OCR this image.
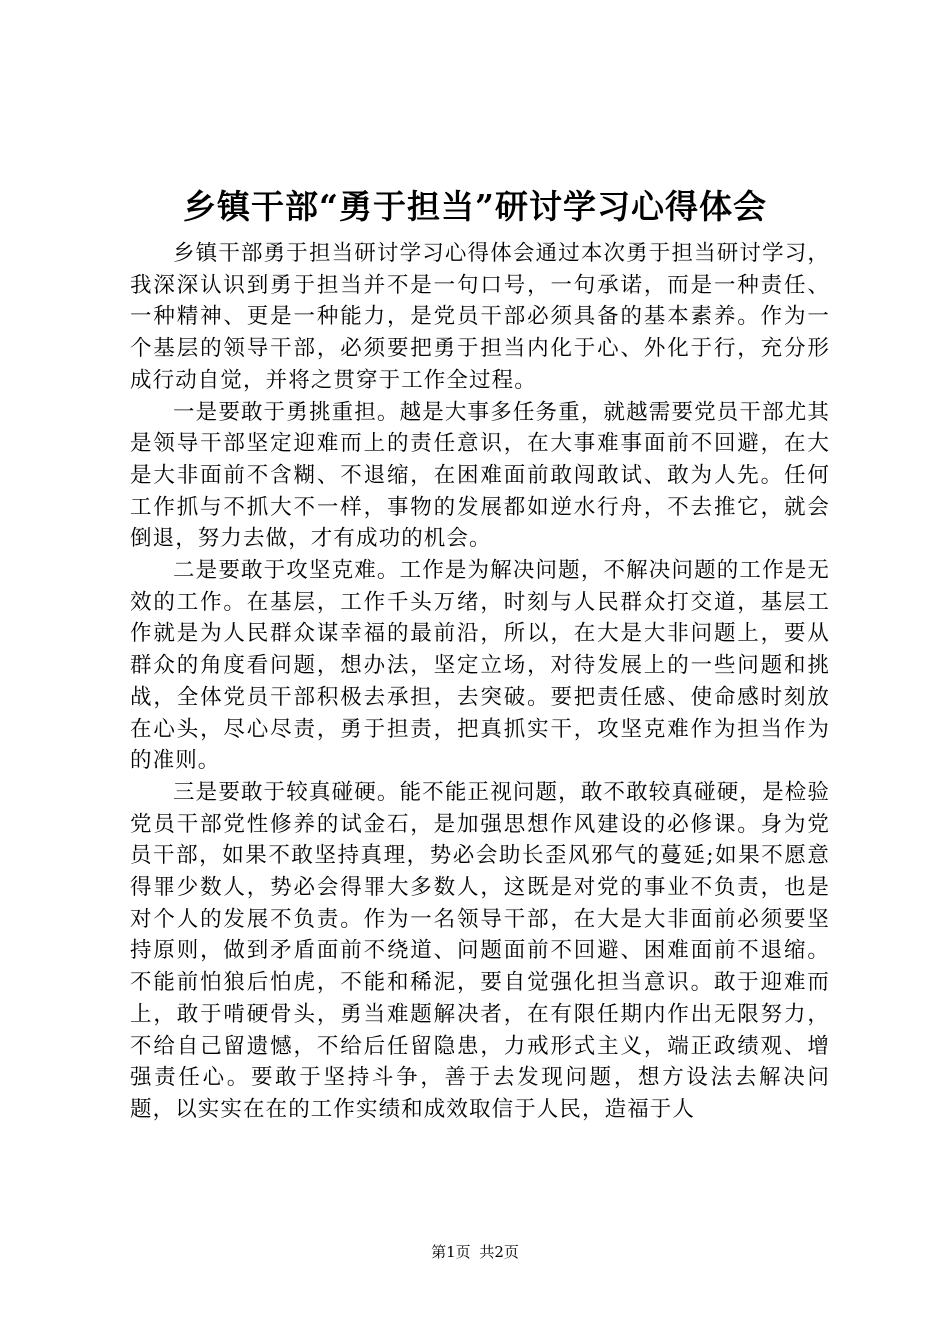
乡镇干部“勇于担当”研讨学习心得体会

乡镇干部勇于担当研讨学习心得体会通过本次勇于担当研讨学习，我深深认识到勇于担当并不是一句口号，一句承诺，而是一种责任、一种精神、更是一种能力，是党员干部必须具备的基本素养。作为一个基层的领导干部，必须要把勇于担当内化于心、外化于行，充分形成行动自觉，并将之贯穿于工作全过程。

一是要敢于勇挑重担。越是大事多任务重，就越需要党员干部尤其是领导干部坚定迎难而上的责任意识，在大事难事面前不回避，在大是大非面前不含糊、不退缩，在困难面前敢闯敢试、敢为人先。任何工作抓与不抓大不一样，事物的发展都如逆水行舟，不去推它，就会倒退，努力去做，才有成功的机会。

二是要敢于攻坚克难。工作是为解决问题，不解决问题的工作是无效的工作。在基层，工作千头万绪，时刻与人民群众打交道，基层工作就是为人民群众谋幸福的最前沿，所以，在大是大非问题上，要从群众的角度看问题，想办法，坚定立场，对待发展上的一些问题和挑战，全体党员干部积极去承担，去突破。要把责任感、使命感时刻放在心头，尽心尽责，勇于担责，把真抓实干，攻坚克难作为担当作为的准则。

三是要敢于较真碰硬。能不能正视问题，敢不敢较真碰硬，是检验党员干部党性修养的试金石，是加强思想作风建设的必修课。身为党员干部，如果不敢坚持真理，势必会助长歪风邪气的蔓延;如果不愿意得罪少数人，势必会得罪大多数人，这既是对党的事业不负责，也是对个人的发展不负责。作为一名领导干部，在大是大非面前必须要坚持原则，做到矛盾面前不绕道、问题面前不回避、困难面前不退缩。不能前怕狼后怕虎，不能和稀泥，要自觉强化担当意识。敢于迎难而上，敢于啃硬骨头，勇当难题解决者，在有限任期内作出无限努力，不给自己留遗憾，不给后任留隐患，力戒形式主义，端正政绩观、增强责任心。要敢于坚持斗争，善于去发现问题，想方设法去解决问题，以实实在在的工作实绩和成效取信于人民，造福于人

第1页 共2页
